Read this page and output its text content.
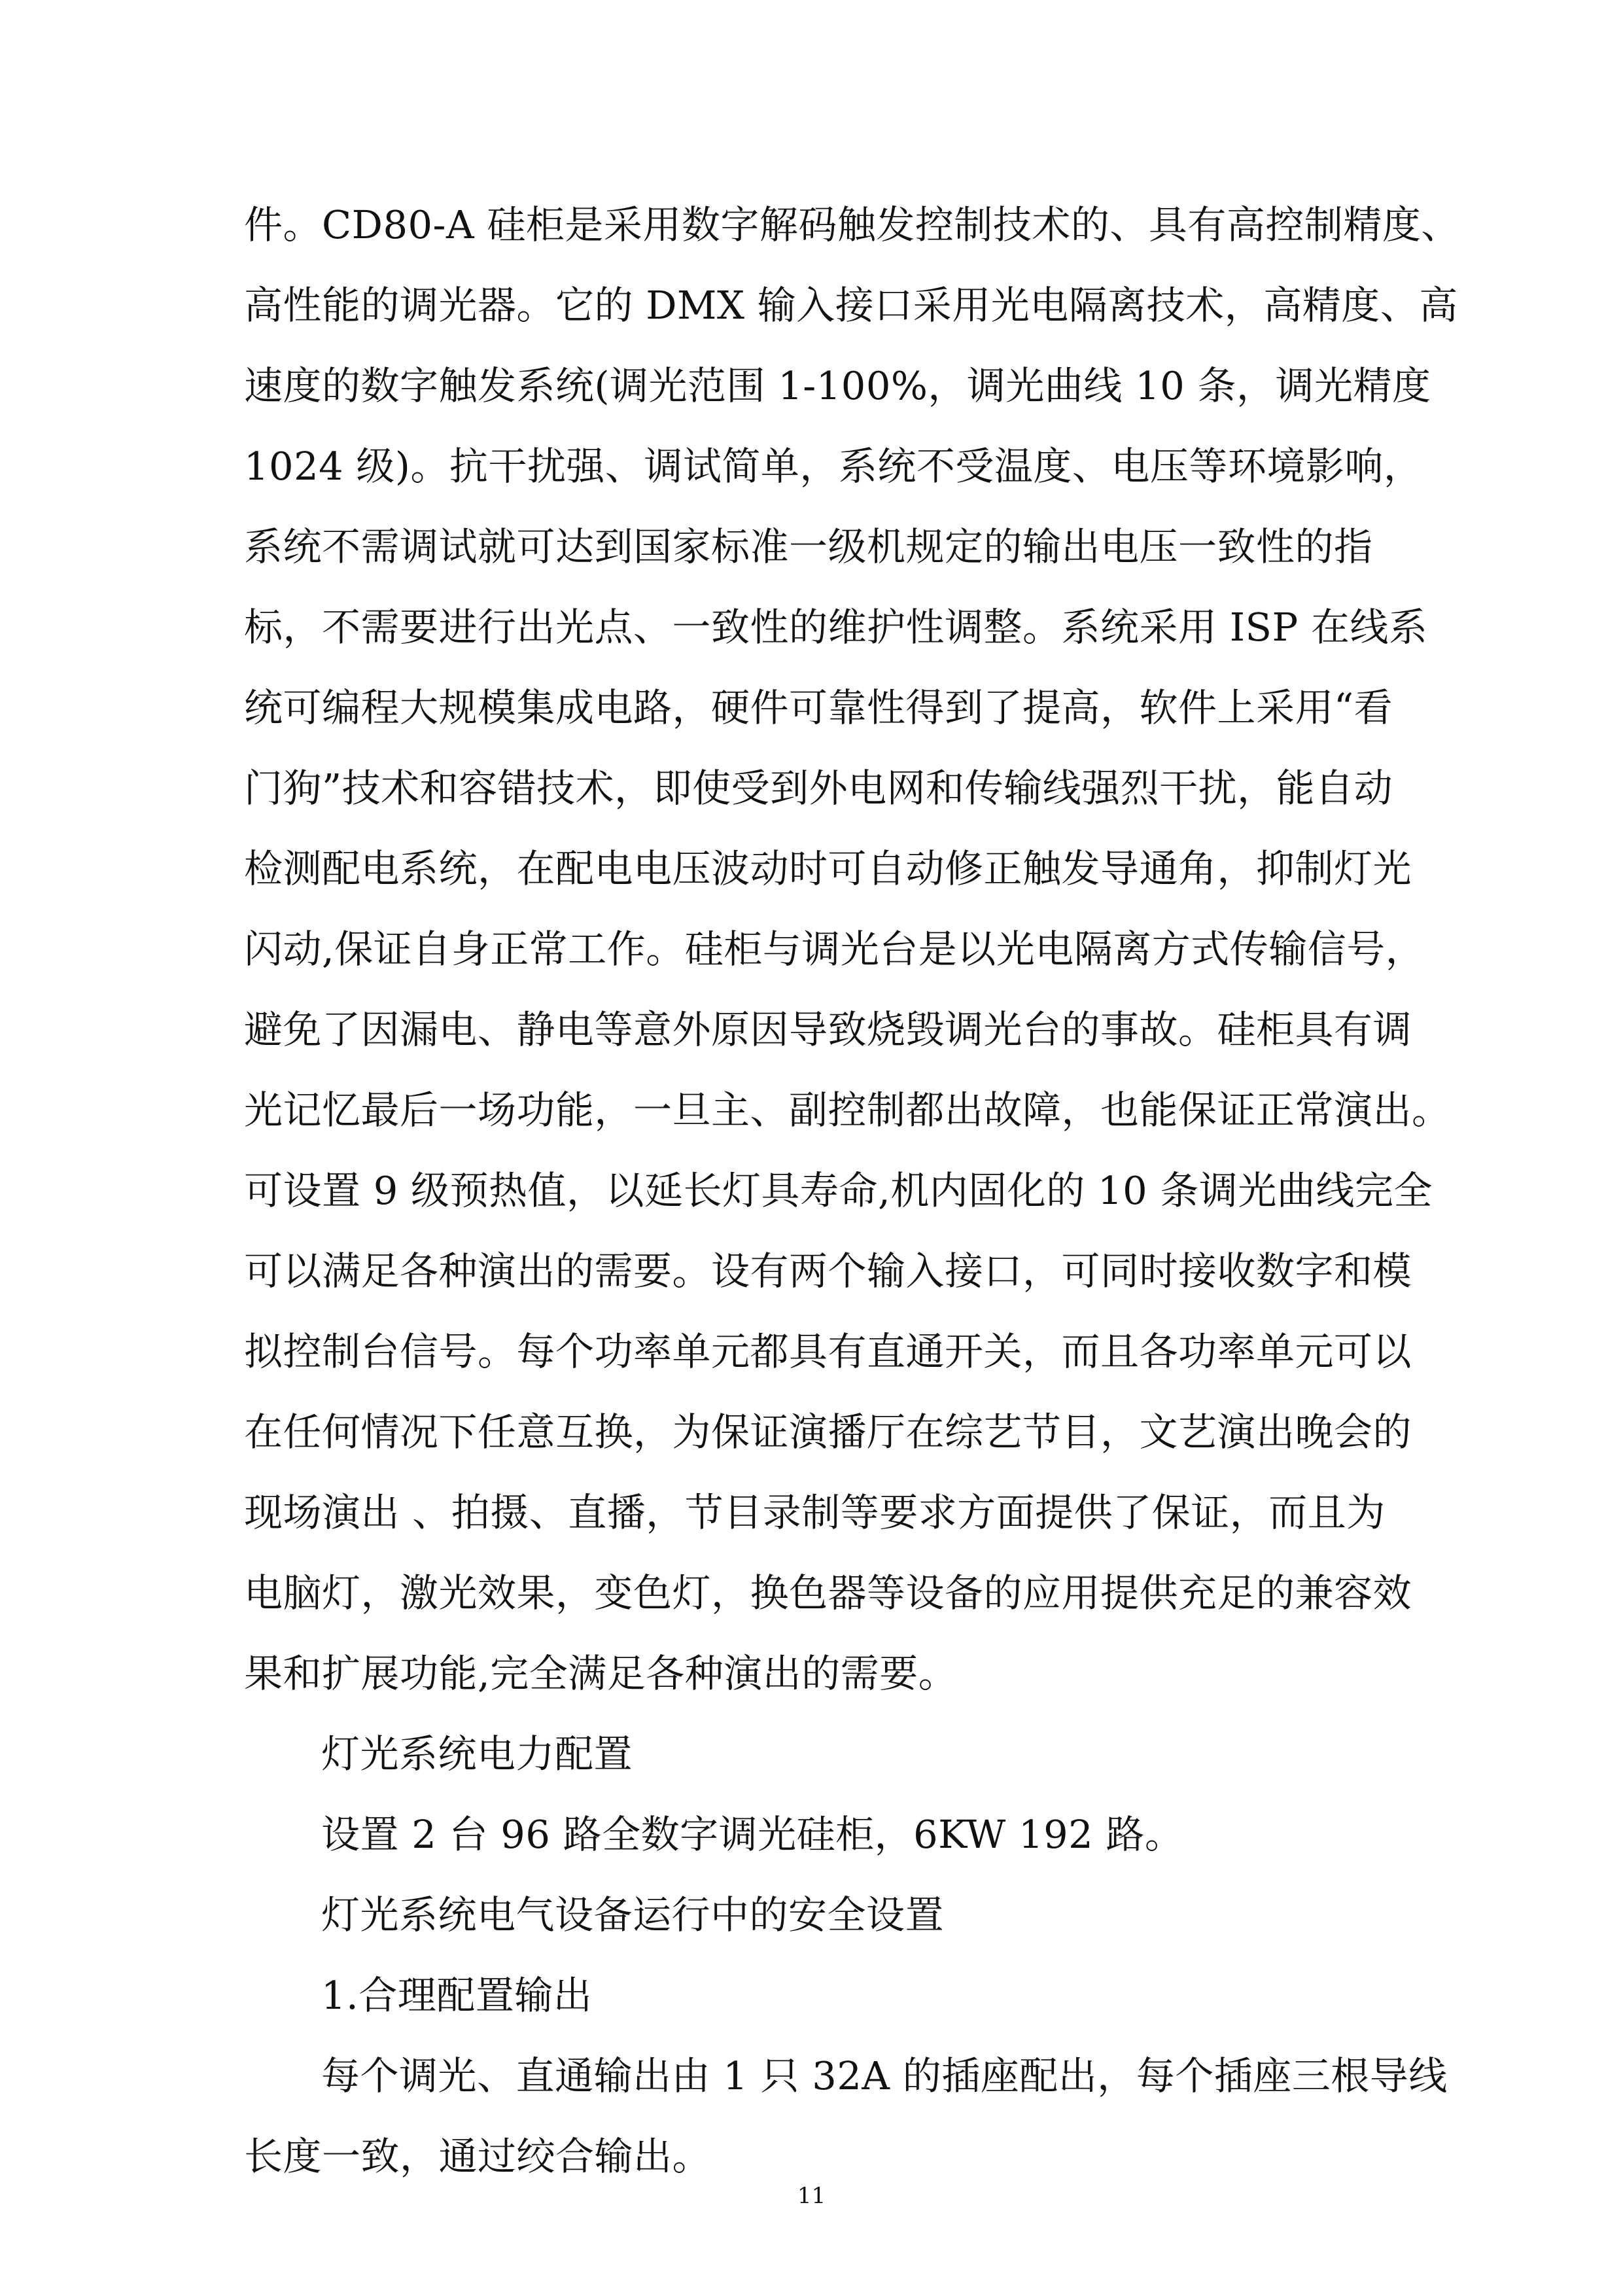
件。CD80-A 硅柜是采用数字解码触发控制技术的、具有高控制精度、
高性能的调光器。它的 DMX 输入接口采用光电隔离技术，高精度、高
速度的数字触发系统(调光范围 1-100%，调光曲线 10 条，调光精度
1024 级)。抗干扰强、调试简单，系统不受温度、电压等环境影响，
系统不需调试就可达到国家标准一级机规定的输出电压一致性的指
标，不需要进行出光点、一致性的维护性调整。系统采用 ISP 在线系
统可编程大规模集成电路，硬件可靠性得到了提高，软件上采用“看
门狗”技术和容错技术，即使受到外电网和传输线强烈干扰，能自动
检测配电系统，在配电电压波动时可自动修正触发导通角，抑制灯光
闪动,保证自身正常工作。硅柜与调光台是以光电隔离方式传输信号，
避免了因漏电、静电等意外原因导致烧毁调光台的事故。硅柜具有调
光记忆最后一场功能，一旦主、副控制都出故障，也能保证正常演出。
可设置 9 级预热值，以延长灯具寿命,机内固化的 10 条调光曲线完全
可以满足各种演出的需要。设有两个输入接口，可同时接收数字和模
拟控制台信号。每个功率单元都具有直通开关，而且各功率单元可以
在任何情况下任意互换，为保证演播厅在综艺节目，文艺演出晚会的
现场演出 、拍摄、直播，节目录制等要求方面提供了保证，而且为
电脑灯，激光效果，变色灯，换色器等设备的应用提供充足的兼容效
果和扩展功能,完全满足各种演出的需要。
灯光系统电力配置
设置 2 台 96 路全数字调光硅柜，6KW 192 路。
灯光系统电气设备运行中的安全设置
1.合理配置输出
每个调光、直通输出由 1 只 32A 的插座配出，每个插座三根导线
长度一致，通过绞合输出。
11
